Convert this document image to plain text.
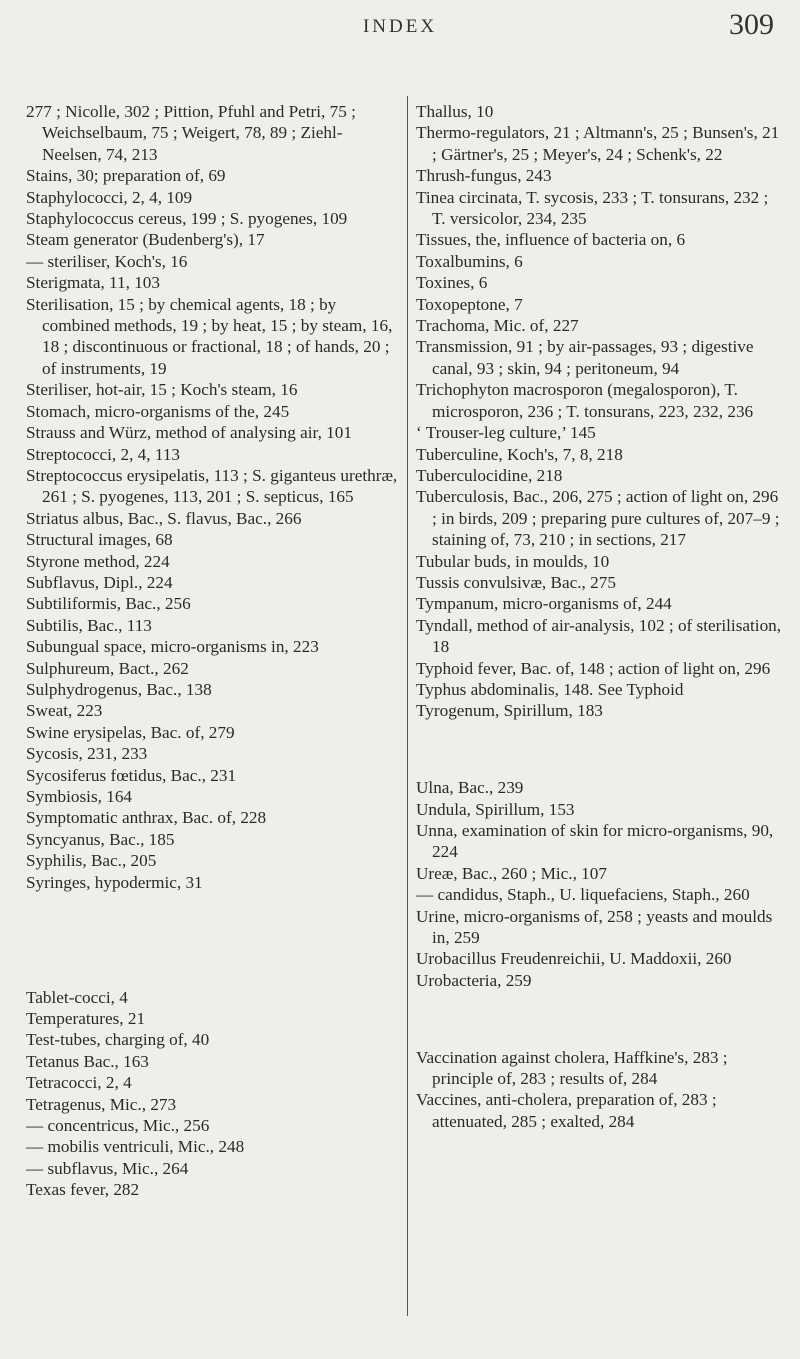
INDEX	309

277 ; Nicolle, 302 ; Pittion, Pfuhl and Petri, 75 ; Weichselbaum, 75 ; Weigert, 78, 89 ; Ziehl-Neelsen, 74, 213

Stains, 30; preparation of, 69

Staphylococci, 2, 4, 109

Staphylococcus cereus, 199 ; S. pyogenes, 109

Steam generator (Budenberg's), 17

— steriliser, Koch's, 16

Sterigmata, 11, 103

Sterilisation, 15 ; by chemical agents, 18 ; by combined methods, 19 ; by heat, 15 ; by steam, 16, 18 ; discontinuous or fractional, 18 ; of hands, 20 ; of instruments, 19

Steriliser, hot-air, 15 ; Koch's steam, 16

Stomach, micro-organisms of the, 245

Strauss and Würz, method of analysing air, 101

Streptococci, 2, 4, 113

Streptococcus erysipelatis, 113 ; S. giganteus urethræ, 261 ; S. pyogenes, 113, 201 ; S. septicus, 165

Striatus albus, Bac., S. flavus, Bac., 266

Structural images, 68

Styrone method, 224

Subflavus, Dipl., 224

Subtiliformis, Bac., 256

Subtilis, Bac., 113

Subungual space, micro-organisms in, 223

Sulphureum, Bact., 262

Sulphydrogenus, Bac., 138

Sweat, 223

Swine erysipelas, Bac. of, 279

Sycosis, 231, 233

Sycosiferus fœtidus, Bac., 231

Symbiosis, 164

Symptomatic anthrax, Bac. of, 228

Syncyanus, Bac., 185

Syphilis, Bac., 205

Syringes, hypodermic, 31

Tablet-cocci, 4

Temperatures, 21

Test-tubes, charging of, 40

Tetanus Bac., 163

Tetracocci, 2, 4

Tetragenus, Mic., 273

— concentricus, Mic., 256

— mobilis ventriculi, Mic., 248

— subflavus, Mic., 264

Texas fever, 282

Thallus, 10

Thermo-regulators, 21 ; Altmann's, 25 ; Bunsen's, 21 ; Gärtner's, 25 ; Meyer's, 24 ; Schenk's, 22

Thrush-fungus, 243

Tinea circinata, T. sycosis, 233 ; T. tonsurans, 232 ; T. versicolor, 234, 235

Tissues, the, influence of bacteria on, 6

Toxalbumins, 6

Toxines, 6

Toxopeptone, 7

Trachoma, Mic. of, 227

Transmission, 91 ; by air-passages, 93 ; digestive canal, 93 ; skin, 94 ; peritoneum, 94

Trichophyton macrosporon (megalosporon), T. microsporon, 236 ; T. tonsurans, 223, 232, 236

‘ Trouser-leg culture,’ 145

Tuberculine, Koch's, 7, 8, 218

Tuberculocidine, 218

Tuberculosis, Bac., 206, 275 ; action of light on, 296 ; in birds, 209 ; preparing pure cultures of, 207–9 ; staining of, 73, 210 ; in sections, 217

Tubular buds, in moulds, 10

Tussis convulsivæ, Bac., 275

Tympanum, micro-organisms of, 244

Tyndall, method of air-analysis, 102 ; of sterilisation, 18

Typhoid fever, Bac. of, 148 ; action of light on, 296

Typhus abdominalis, 148. See Typhoid

Tyrogenum, Spirillum, 183

Ulna, Bac., 239

Undula, Spirillum, 153

Unna, examination of skin for micro-organisms, 90, 224

Ureæ, Bac., 260 ; Mic., 107

— candidus, Staph., U. liquefaciens, Staph., 260

Urine, micro-organisms of, 258 ; yeasts and moulds in, 259

Urobacillus Freudenreichii, U. Maddoxii, 260

Urobacteria, 259

Vaccination against cholera, Haffkine's, 283 ; principle of, 283 ; results of, 284

Vaccines, anti-cholera, preparation of, 283 ; attenuated, 285 ; exalted, 284
